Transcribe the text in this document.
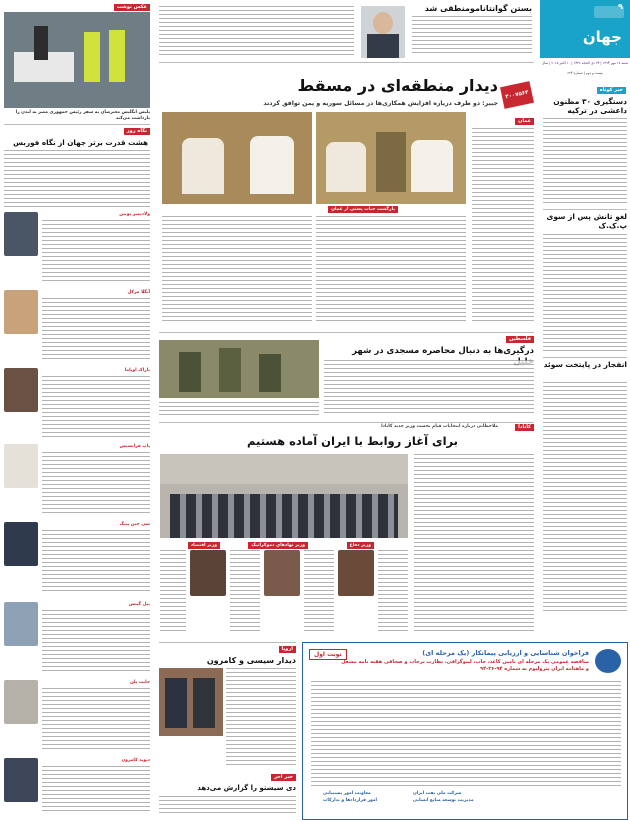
جهان
شنبه ۱۸ مهر ۱۳۹۴ | ۲۴ ذی الحجه ۱۴۳۶ | ۱۰ اکتبر ۲۰۱۵ | سال بیست و دوم | شماره ۶۲۴
۹
خبر کوتاه
دستگیری ۳۰ مظنون داعشی در ترکیه
لغو تانش پس از سوی پ.ک.ک
انفجار در پایتخت سوئد
بستن گوانتانامومنطقی شد
۳۰۰۷۵۶۳
دیدار منطقه‌ای در مسقط
جبیر: دو طرف دریاره افزایش همکاری‌ها در مسائل سوریه و یمن توافق کردند
عمان
بازگشت حیات پستی از عمان
عکس نوشت
پلیس انگلیس معترضان به سفر رئیس جمهوری مصر به لندن را بازداشت می‌کند
نگاه روز
هشت قدرت برتر جهان از نگاه فوربس
ولادیمیر پوتین
آنگلا مرکل
باراک اوباما
پاپ فرانسیس
شی جین پینگ
بیل گیتس
جانت یلن
دیوید کامرون
فلسطین
درگیری‌ها به دنبال محاصره مسجدی در شهر
ملاحظاتی درباره انتخابات قیام نخست وزیر جدید کانادا	کانادا
برای آغاز روابط با ایران آماده هستیم
وزیر دفاع
وزیر نهادهای دموکراتیک
وزیر اقتصاد
اروپا
دیدار سیسی و کامرون
خبر آخر
دی سیستو را گزارش می‌دهد
نوبت اول	فراخوان شناسایی و ارزیابی پیمانکار (یک مرحله ای)
مناقصه عمومی یک مرحله ای تامین کاغذ، چاپ، لیتوگرافی، نظارت برچاپ و صحافی هفته نامه مشعل و ماهنامه ایران پترولیوم به شماره ۹۴-۲۶-۹۴
شرکت ملی نفت ایران
مدیریت توسعه منابع انسانی
معاونت امور پشتیبانی
امور قراردادها و تدارکات
